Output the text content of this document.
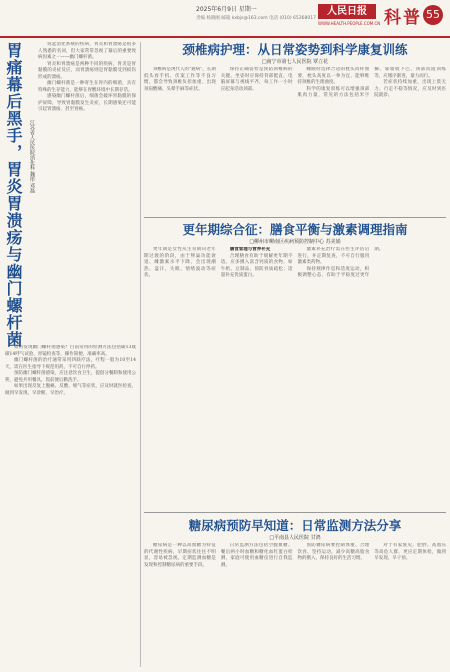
2025年6月9日 星期一
责编 杨晓刚 邮箱 kxbjs@163.com 电话 (010) 65368017
人民日报
WWW.HEALTH.PEOPLE.COM.CN 科普 55
胃痛幕后黑手，胃炎胃溃疡与幽门螺杆菌	江苏省人民医院消化科 魏彤 邓磊

说起消化系统的疾病，胃炎和胃溃疡是很多人熟悉的名词，但大家常常忽视了幕后的重要致病因素之一——幽门螺杆菌。

胃炎和胃溃疡是两种不同的疾病，胃炎是胃黏膜的炎症反应，而胃溃疡则是胃黏膜受到损伤形成的溃疡。

幽门螺杆菌是一种寄生在胃内的细菌，具有特殊的生存能力，能够在胃酸环境中长期存活。

感染幽门螺杆菌后，细菌会破坏胃黏膜的保护屏障，导致胃黏膜发生炎症，长期感染还可能引起胃溃疡、甚至胃癌。

如何发现幽门螺杆菌感染？目前常用的检测方法包括碳13或碳14呼气试验、胃镜检查等，操作简便，准确率高。

幽门螺杆菌的治疗通常采用四联疗法，疗程一般为10至14天，需在医生指导下规范用药，不可自行停药。

预防幽门螺杆菌感染，应注意饮食卫生，提倡分餐制和使用公筷，避免共用餐具，饭前便后勤洗手。

如果出现反复上腹痛、反酸、嗳气等症状，应及时就医检查，做到早发现、早诊断、早治疗。

颈椎病护理：从日常姿势到科学康复训练
□南宁市第七人民医院 覃立花

颈椎病是现代人的"通病"，长期低头看手机、伏案工作等不良习惯，都会导致颈椎负担加重，出现颈肩酸痛、头晕手麻等症状。

保持正确姿势是预防颈椎病的关键。坐姿时应保持背部挺直，电脑屏幕与视线平齐，每工作一小时应起身活动颈部。

睡眠时选择合适的枕头同样重要，枕头高度以一拳为宜，能够维持颈椎的生理曲度。

科学的康复训练可以增强颈部肌肉力量，常见的方法包括米字操、靠墙收下巴、颈部抗阻训练等，应循序渐进，量力而行。

若症状持续加重，出现上肢无力、行走不稳等情况，应及时到医院就诊。

更年期综合征：膳食平衡与激素调理指南
□柳州市柳南区疾病预防控制中心 苏美娟

更年期是女性从生育期向老年期过渡的阶段，由于卵巢功能衰退、雌激素水平下降，会出现潮热、盗汗、失眠、情绪波动等症状。

膳食管理与营养补充

合理膳食有助于缓解更年期不适。应多摄入富含钙质的食物，如牛奶、豆制品，预防骨质疏松；适量补充优质蛋白。

激素补充治疗需在医生评估后进行，并定期复查，不可自行服用激素类药物。

保持规律作息和适度运动，积极调整心态，有助于平稳度过更年期。

糖尿病预防早知道：日常监测方法分享
□平南县人民医院 甘鸿

糖尿病是一种以高血糖为特征的代谢性疾病，早期症状往往不明显，容易被忽视。定期监测血糖是发现和控制糖尿病的重要手段。

日常监测方法包括空腹血糖、餐后两小时血糖和糖化血红蛋白检测，家庭可使用血糖仪进行自我监测。

预防糖尿病要控制体重、合理饮食、坚持运动，减少高糖高脂食物的摄入，保持良好的生活习惯。

对于有家族史、肥胖、高血压等高危人群，更应定期体检，做到早发现、早干预。
